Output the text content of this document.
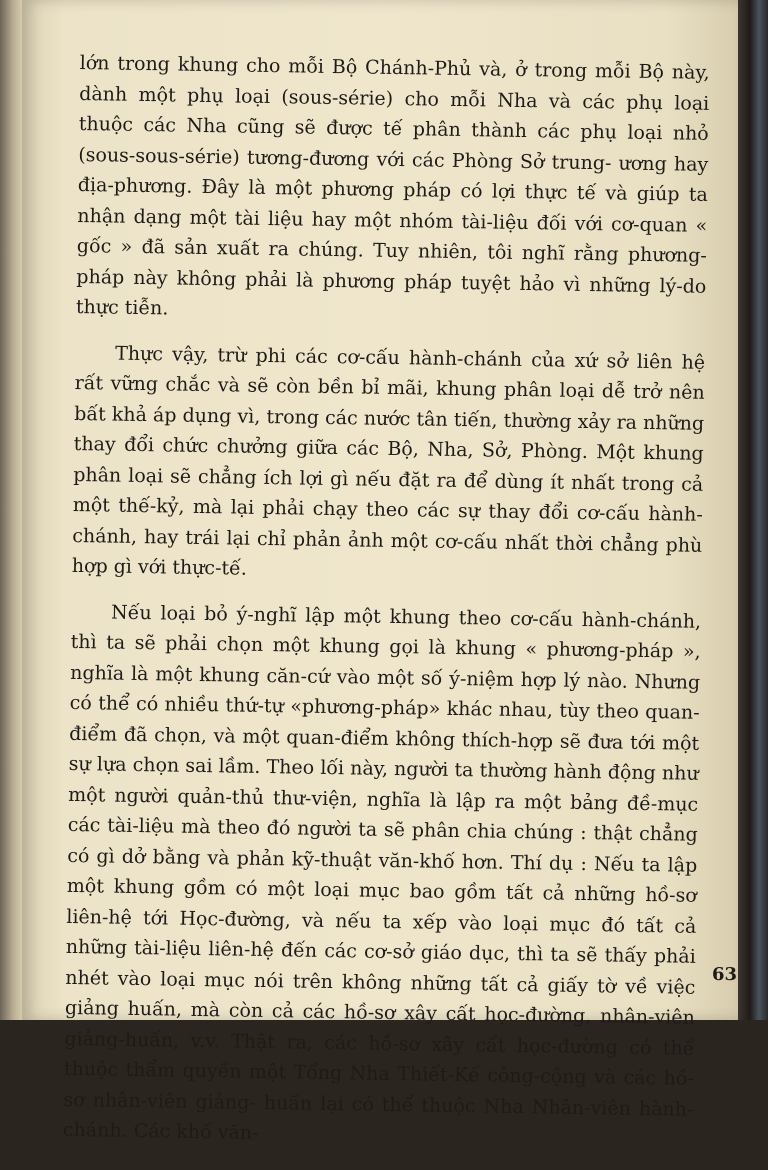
lớn trong khung cho mỗi Bộ Chánh-Phủ và, ở trong mỗi Bộ này, dành một phụ loại (sous-série) cho mỗi Nha và các phụ loại thuộc các Nha cũng sẽ được tế phân thành các phụ loại nhỏ (sous-sous-série) tương-đương với các Phòng Sở trung- ương hay địa-phương. Đây là một phương pháp có lợi thực tế và giúp ta nhận dạng một tài liệu hay một nhóm tài-liệu đối với cơ-quan « gốc » đã sản xuất ra chúng. Tuy nhiên, tôi nghĩ rằng phương-pháp này không phải là phương pháp tuyệt hảo vì những lý-do thực tiễn.
Thực vậy, trừ phi các cơ-cấu hành-chánh của xứ sở liên hệ rất vững chắc và sẽ còn bền bỉ mãi, khung phân loại dễ trở nên bất khả áp dụng vì, trong các nước tân tiến, thường xảy ra những thay đổi chức chưởng giữa các Bộ, Nha, Sở, Phòng. Một khung phân loại sẽ chẳng ích lợi gì nếu đặt ra để dùng ít nhất trong cả một thế-kỷ, mà lại phải chạy theo các sự thay đổi cơ-cấu hành-chánh, hay trái lại chỉ phản ảnh một cơ-cấu nhất thời chẳng phù hợp gì với thực-tế.
Nếu loại bỏ ý-nghĩ lập một khung theo cơ-cấu hành-chánh, thì ta sẽ phải chọn một khung gọi là khung « phương-pháp », nghĩa là một khung căn-cứ vào một số ý-niệm hợp lý nào. Nhưng có thể có nhiều thứ-tự «phương-pháp» khác nhau, tùy theo quan-điểm đã chọn, và một quan-điểm không thích-hợp sẽ đưa tới một sự lựa chọn sai lầm. Theo lối này, người ta thường hành động như một người quản-thủ thư-viện, nghĩa là lập ra một bảng đề-mục các tài-liệu mà theo đó người ta sẽ phân chia chúng : thật chẳng có gì dở bằng và phản kỹ-thuật văn-khố hơn. Thí dụ : Nếu ta lập một khung gồm có một loại mục bao gồm tất cả những hồ-sơ liên-hệ tới Học-đường, và nếu ta xếp vào loại mục đó tất cả những tài-liệu liên-hệ đến các cơ-sở giáo dục, thì ta sẽ thấy phải nhét vào loại mục nói trên không những tất cả giấy tờ về việc giảng huấn, mà còn cả các hồ-sơ xây cất học-đường, nhân-viên giảng-huấn, v.v. Thật ra, các hồ-sơ xây cất học-đường có thể thuộc thẩm quyền một Tổng Nha Thiết-Kế công-cộng và các hồ-sơ nhân-viên giảng- huấn lại có thể thuộc Nha Nhân-viên hành-chánh. Các khố văn-
63
